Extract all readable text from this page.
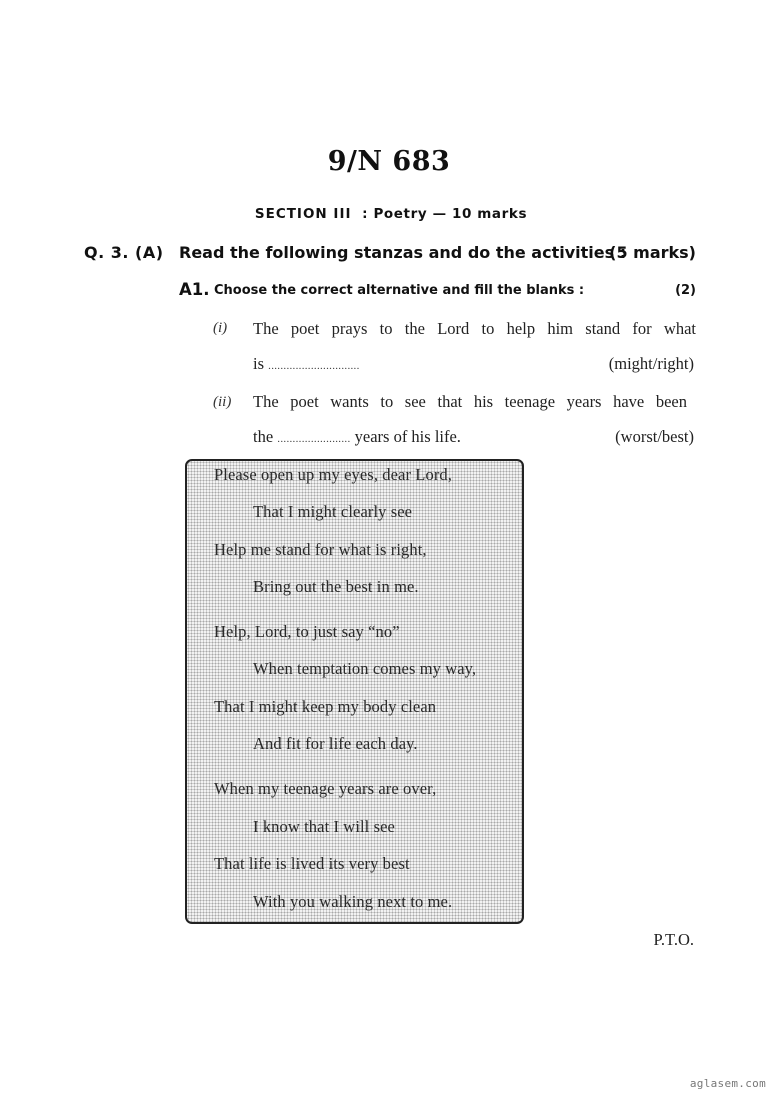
9/N 683
SECTION III : Poetry — 10 marks
Q. 3. (A) Read the following stanzas and do the activities :
(5 marks)
A1. Choose the correct alternative and fill the blanks :	(2)
(i) The poet prays to the Lord to help him stand for what
is ..............................	(might/right)
(ii) The poet wants to see that his teenage years have been
the ........................ years of his life.	(worst/best)
Please open up my eyes, dear Lord,
That I might clearly see
Help me stand for what is right,
Bring out the best in me.
Help, Lord, to just say “no”
When temptation comes my way,
That I might keep my body clean
And fit for life each day.
When my teenage years are over,
I know that I will see
That life is lived its very best
With you walking next to me.
P.T.O.
aglasem.com
